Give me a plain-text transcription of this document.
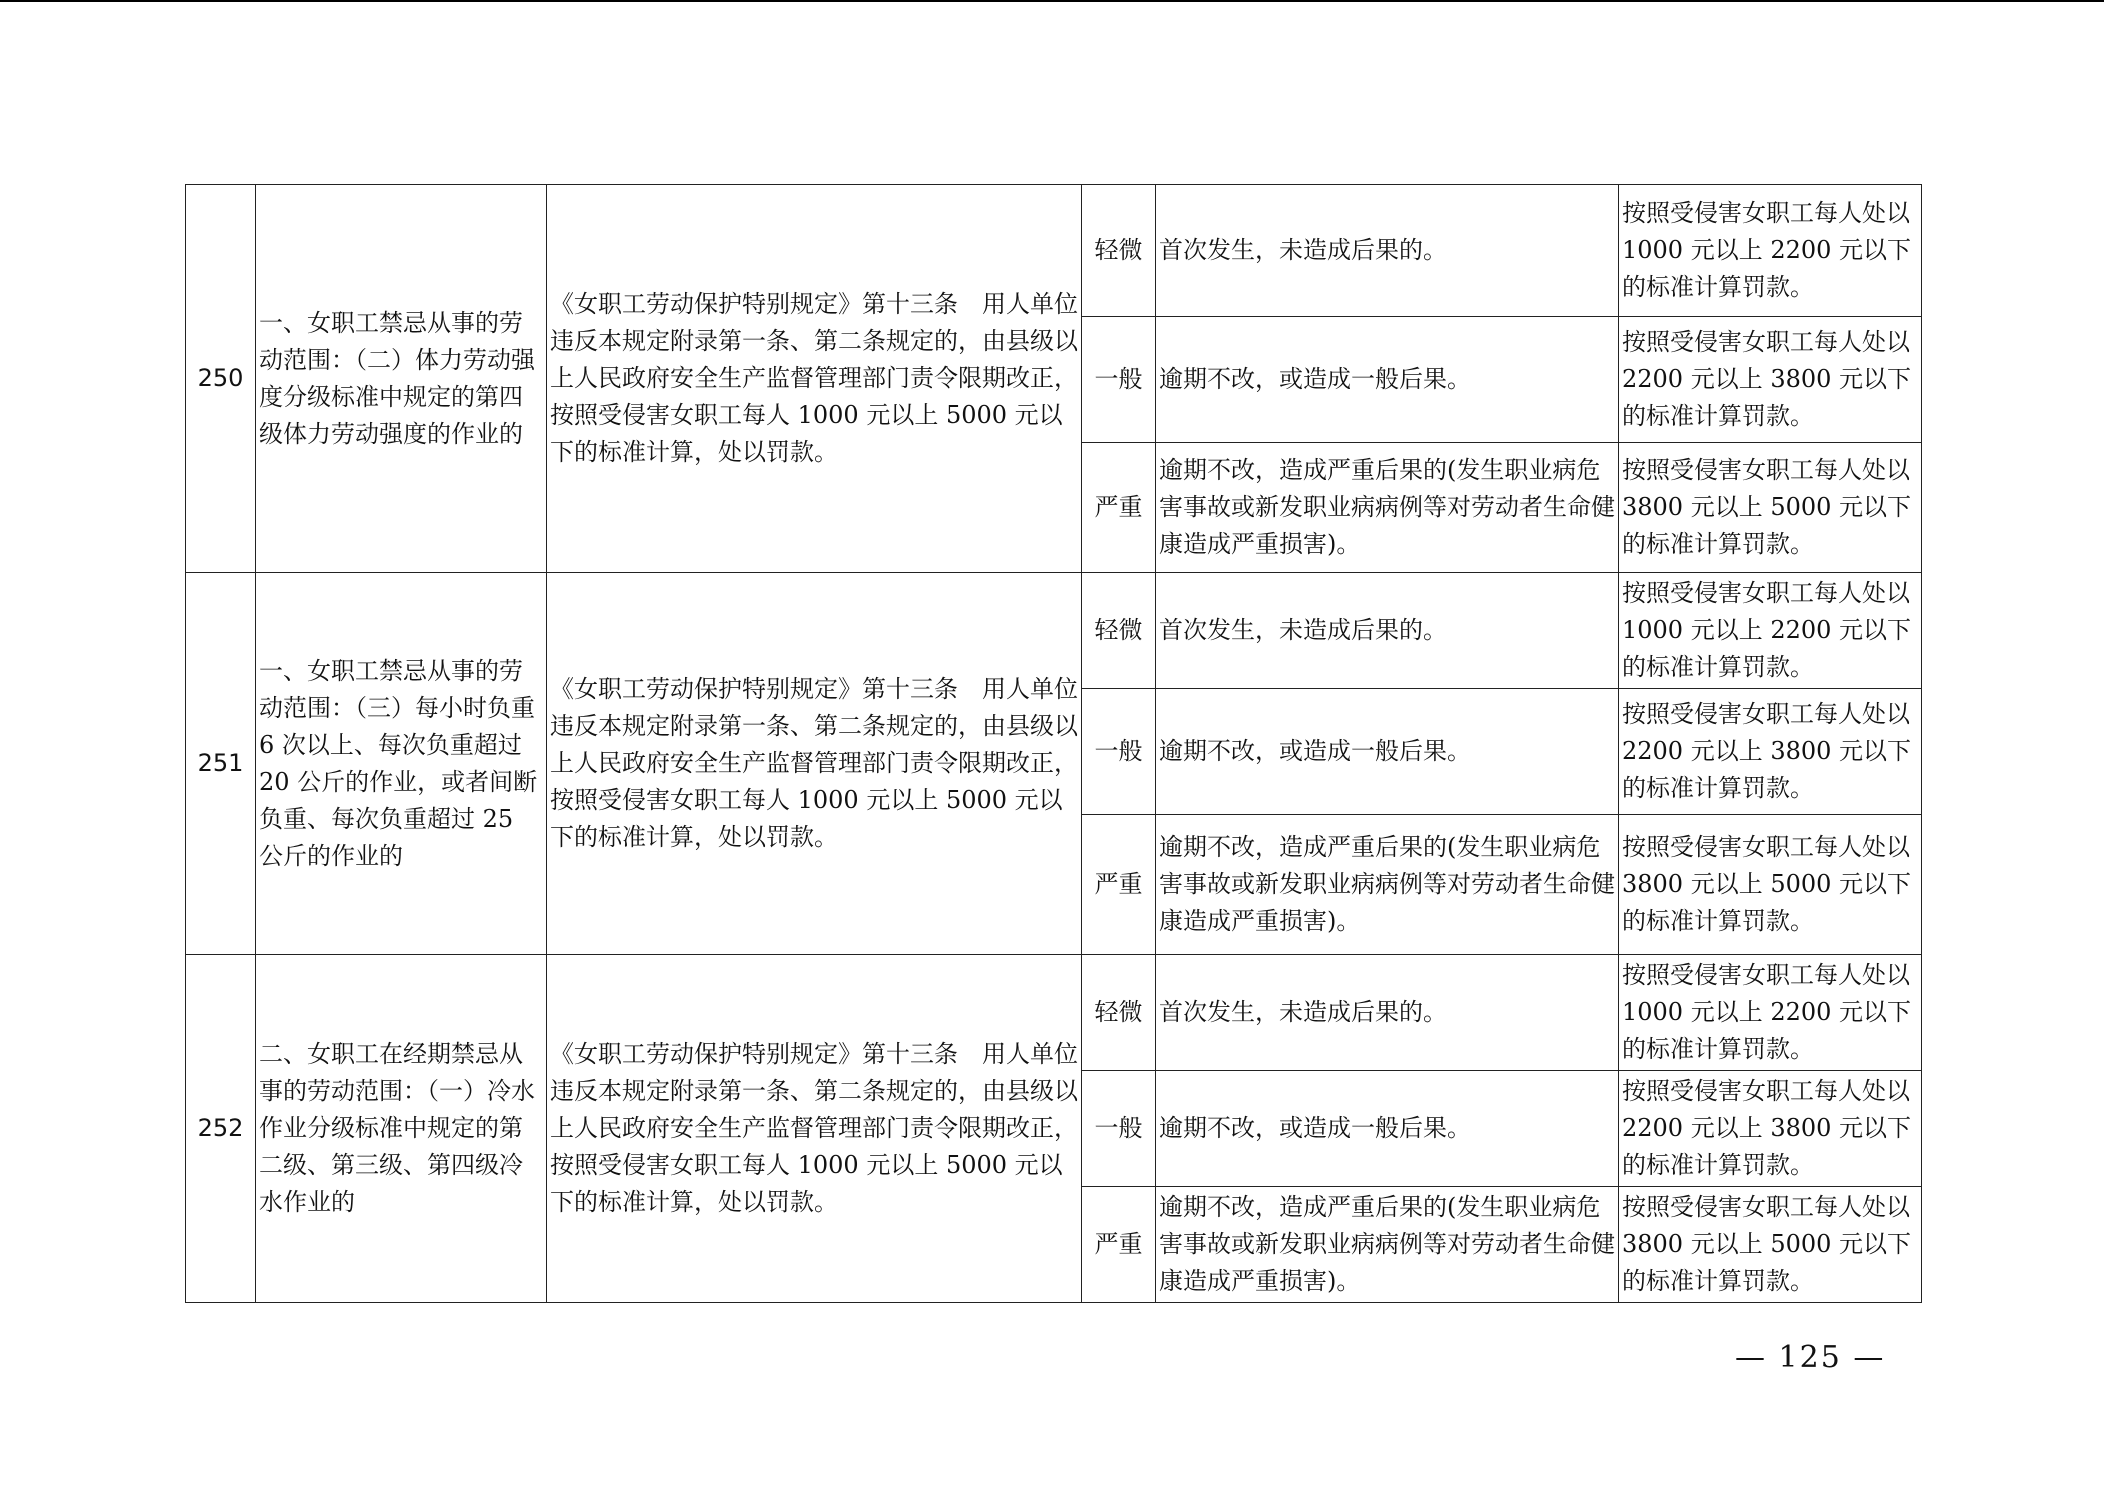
250	一、女职工禁忌从事的劳动范围：（二）体力劳动强度分级标准中规定的第四级体力劳动强度的作业的	《女职工劳动保护特别规定》第十三条　用人单位违反本规定附录第一条、第二条规定的，由县级以上人民政府安全生产监督管理部门责令限期改正，按照受侵害女职工每人 1000 元以上 5000 元以下的标准计算，处以罚款。	轻微	首次发生，未造成后果的。	按照受侵害女职工每人处以 1000 元以上 2200 元以下的标准计算罚款。
			一般	逾期不改，或造成一般后果。	按照受侵害女职工每人处以 2200 元以上 3800 元以下的标准计算罚款。
			严重	逾期不改，造成严重后果的(发生职业病危害事故或新发职业病病例等对劳动者生命健康造成严重损害)。	按照受侵害女职工每人处以 3800 元以上 5000 元以下的标准计算罚款。
251	一、女职工禁忌从事的劳动范围：（三）每小时负重 6 次以上、每次负重超过 20 公斤的作业，或者间断负重、每次负重超过 25 公斤的作业的	《女职工劳动保护特别规定》第十三条　用人单位违反本规定附录第一条、第二条规定的，由县级以上人民政府安全生产监督管理部门责令限期改正，按照受侵害女职工每人 1000 元以上 5000 元以下的标准计算，处以罚款。	轻微	首次发生，未造成后果的。	按照受侵害女职工每人处以 1000 元以上 2200 元以下的标准计算罚款。
			一般	逾期不改，或造成一般后果。	按照受侵害女职工每人处以 2200 元以上 3800 元以下的标准计算罚款。
			严重	逾期不改，造成严重后果的(发生职业病危害事故或新发职业病病例等对劳动者生命健康造成严重损害)。	按照受侵害女职工每人处以 3800 元以上 5000 元以下的标准计算罚款。
252	二、女职工在经期禁忌从事的劳动范围：（一）冷水作业分级标准中规定的第二级、第三级、第四级冷水作业的	《女职工劳动保护特别规定》第十三条　用人单位违反本规定附录第一条、第二条规定的，由县级以上人民政府安全生产监督管理部门责令限期改正，按照受侵害女职工每人 1000 元以上 5000 元以下的标准计算，处以罚款。	轻微	首次发生，未造成后果的。	按照受侵害女职工每人处以 1000 元以上 2200 元以下的标准计算罚款。
			一般	逾期不改，或造成一般后果。	按照受侵害女职工每人处以 2200 元以上 3800 元以下的标准计算罚款。
			严重	逾期不改，造成严重后果的(发生职业病危害事故或新发职业病病例等对劳动者生命健康造成严重损害)。	按照受侵害女职工每人处以 3800 元以上 5000 元以下的标准计算罚款。
— 125 —
